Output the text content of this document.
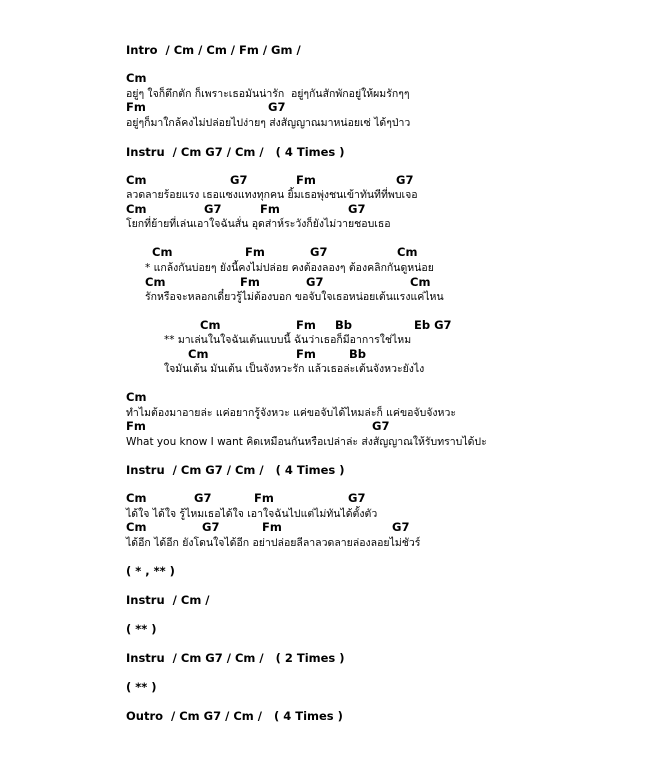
Intro  / Cm / Cm / Fm / Gm /
Cm
อยู่ๆ ใจก็ตึกตัก ก็เพราะเธอมันน่ารัก  อยู่ๆกันสักพักอยู่ให้ผมรักๆๆ
Fm	G7
อยู่ๆก็มาใกล้คงไม่ปล่อยไปง่ายๆ ส่งสัญญาณมาหน่อยเซ่ ได้ๆป่าว
Instru  / Cm G7 / Cm /   ( 4 Times )
Cm	G7	Fm	G7
ลวดลายร้อยแรง เธอแซงแทงทุกคน ยิ้มเธอพุ่งชนเข้าทันทีที่พบเจอ
Cm	G7	Fm	G7
โยกที่ย้ายที่เล่นเอาใจฉันสั่น อุดส่าห์ระวังก็ยังไม่วายชอบเธอ
Cm	Fm	G7	Cm
* แกล้งกันบ่อยๆ ยังนี้คงไม่ปล่อย คงต้องลองๆ ต้องคลิกกันดูหน่อย
Cm	Fm	G7	Cm
รักหรือจะหลอกเดี๋ยวรู้ไม่ต้องบอก ขอจับใจเธอหน่อยเต้นแรงแค่ไหน
Cm	Fm Bb	Eb G7
** มาเล่นในใจฉันเต้นแบบนี้ ฉันว่าเธอก็มีอาการใช่ไหม
Cm	Fm	Bb
ใจมันเต้น มันเต้น เป็นจังหวะรัก แล้วเธอล่ะเต้นจังหวะยังไง
Cm
ทำไมต้องมาอายล่ะ แค่อยากรู้จังหวะ แค่ขอจับได้ไหมล่ะก็ แค่ขอจับจังหวะ
Fm	G7
What you know I want คิดเหมือนกันหรือเปล่าล่ะ ส่งสัญญาณให้รับทราบได้ปะ
Instru  / Cm G7 / Cm /   ( 4 Times )
Cm	G7	Fm	G7
ได้ใจ ได้ใจ รู้ไหมเธอได้ใจ เอาใจฉันไปแต่ไม่ทันได้ตั้งตัว
Cm	G7	Fm	G7
ได้อีก ได้อีก ยังโดนใจได้อีก อย่าปล่อยลีลาลวดลายล่องลอยไม่ชัวร์
( * , ** )
Instru  / Cm /
( ** )
Instru  / Cm G7 / Cm /   ( 2 Times )
( ** )
Outro  / Cm G7 / Cm /   ( 4 Times )
